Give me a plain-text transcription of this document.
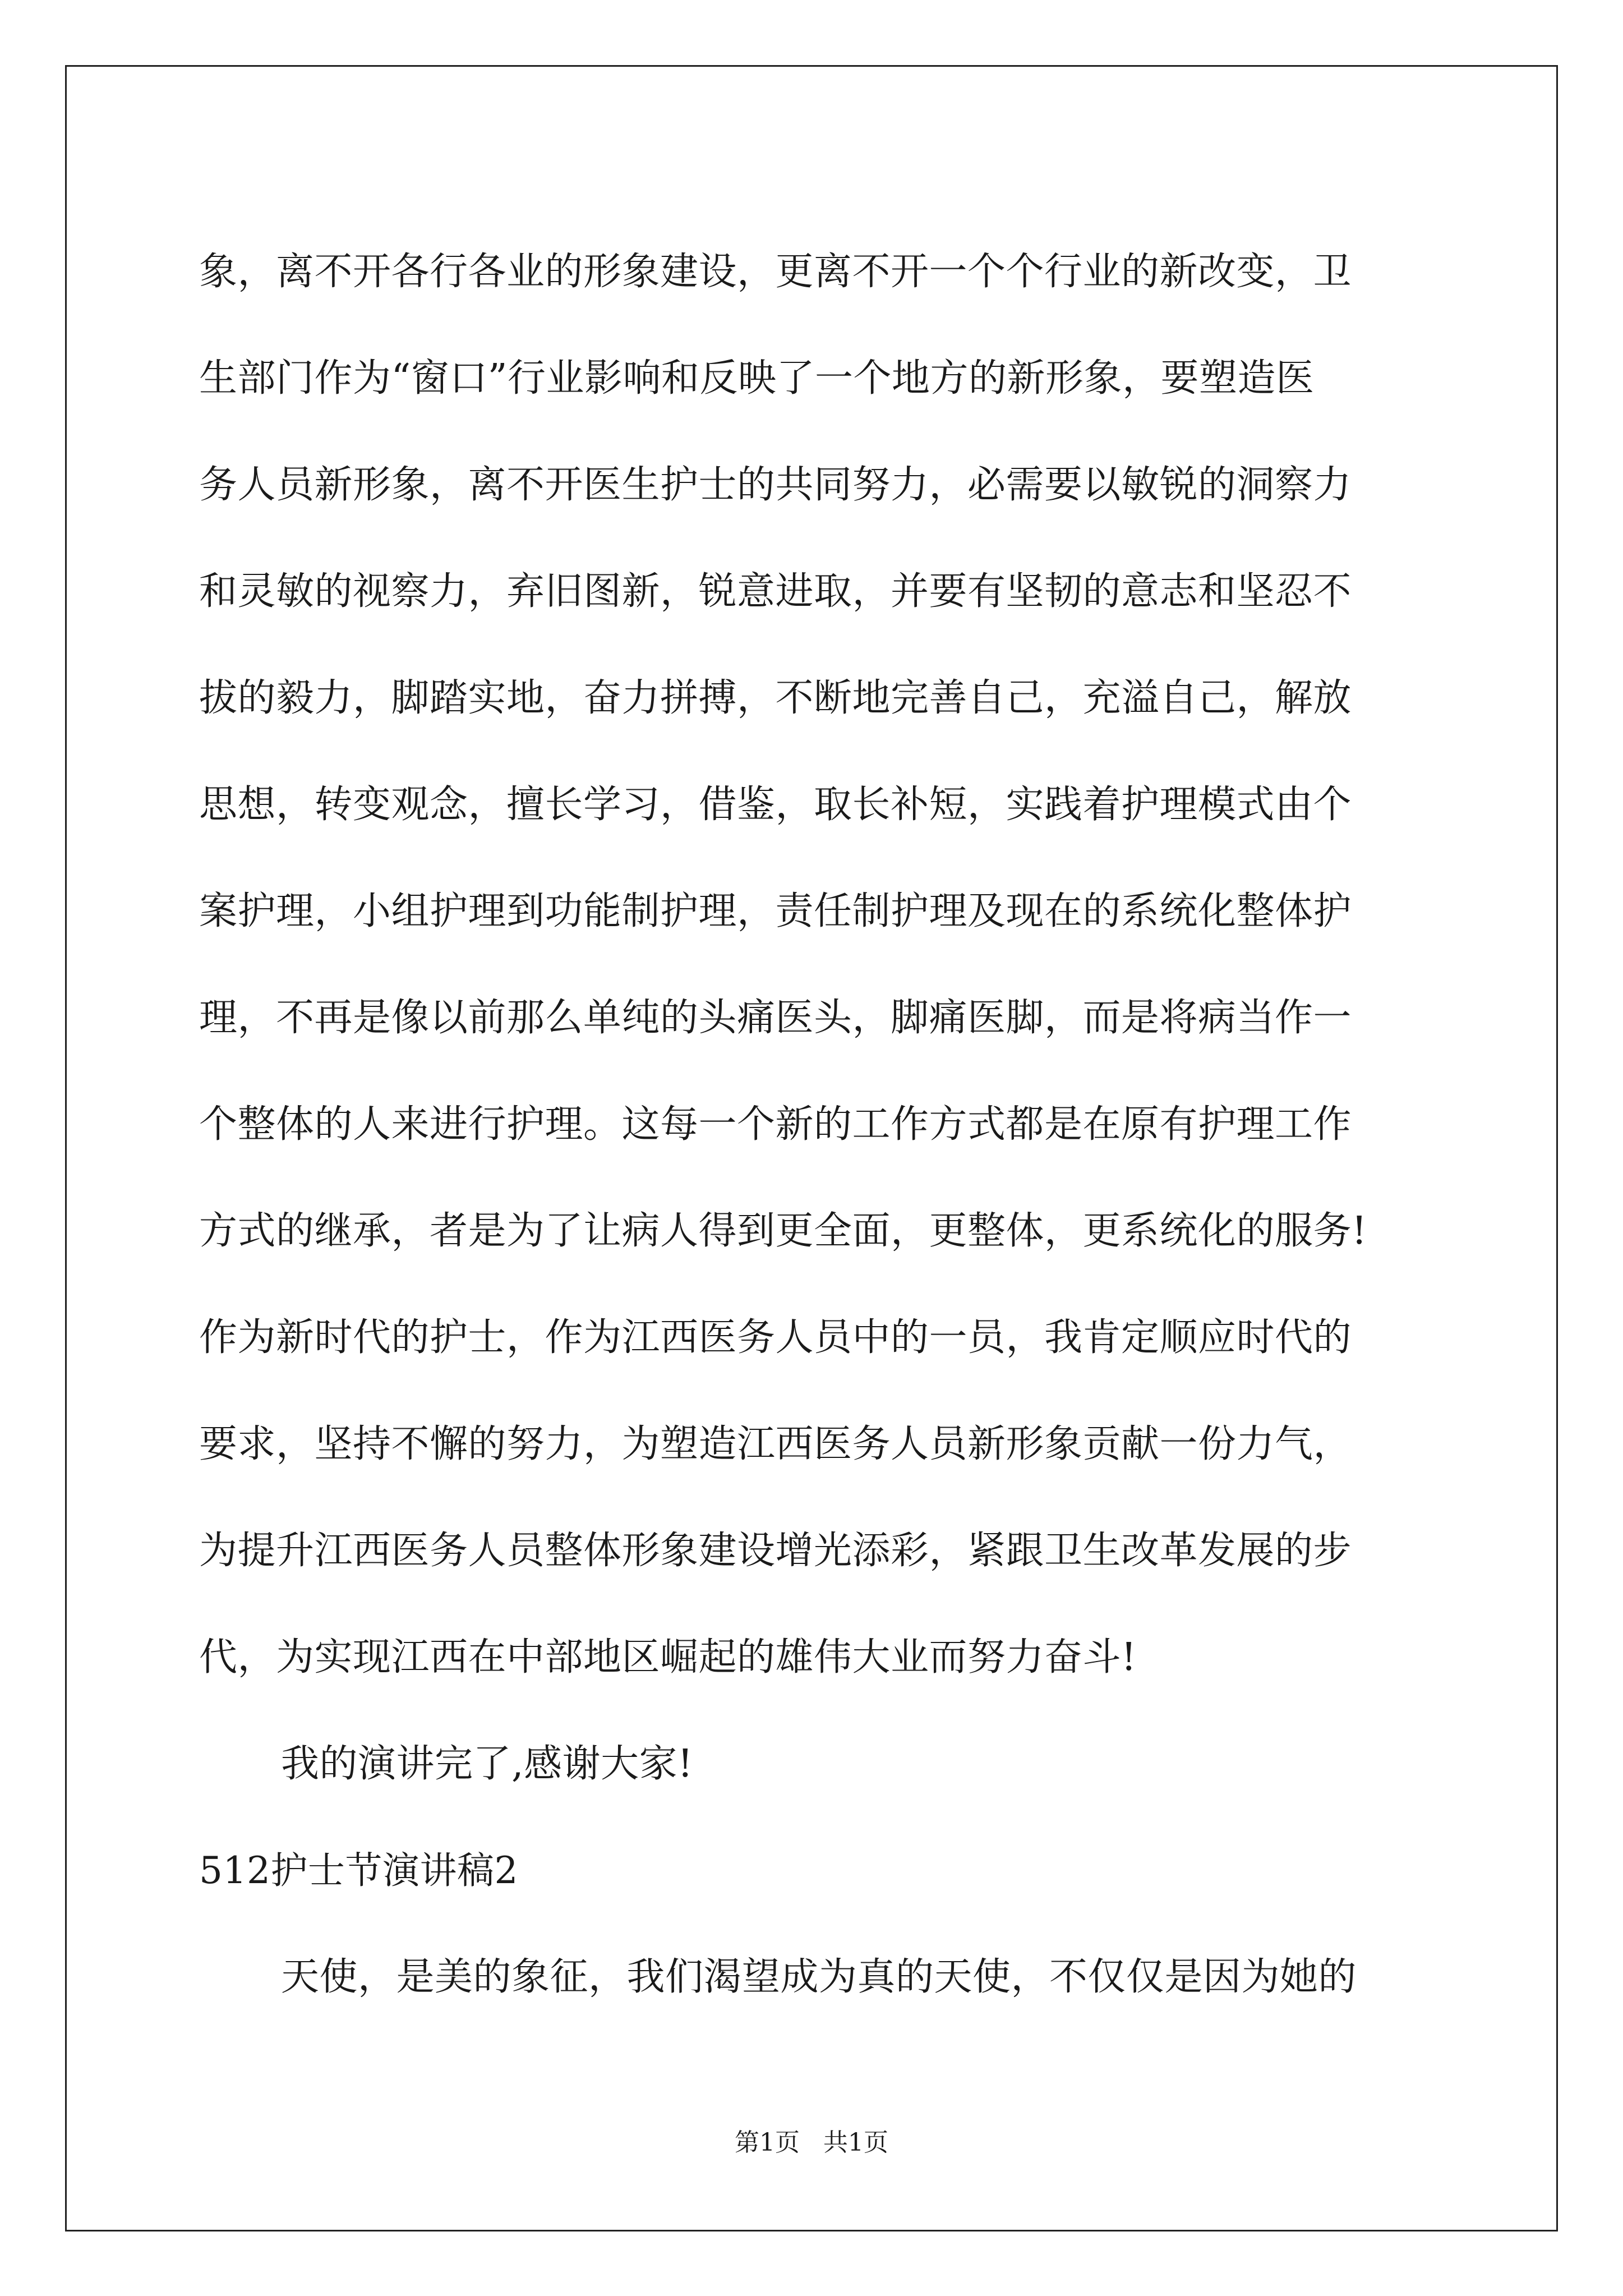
象，离不开各行各业的形象建设，更离不开一个个行业的新改变，卫
生部门作为“窗口”行业影响和反映了一个地方的新形象，要塑造医
务人员新形象，离不开医生护士的共同努力，必需要以敏锐的洞察力
和灵敏的视察力，弃旧图新，锐意进取，并要有坚韧的意志和坚忍不
拔的毅力，脚踏实地，奋力拼搏，不断地完善自己，充溢自己，解放
思想，转变观念，擅长学习，借鉴，取长补短，实践着护理模式由个
案护理，小组护理到功能制护理，责任制护理及现在的系统化整体护
理，不再是像以前那么单纯的头痛医头，脚痛医脚，而是将病当作一
个整体的人来进行护理。这每一个新的工作方式都是在原有护理工作
方式的继承，者是为了让病人得到更全面，更整体，更系统化的服务!
作为新时代的护士，作为江西医务人员中的一员，我肯定顺应时代的
要求，坚持不懈的努力，为塑造江西医务人员新形象贡献一份力气，
为提升江西医务人员整体形象建设增光添彩，紧跟卫生改革发展的步
代，为实现江西在中部地区崛起的雄伟大业而努力奋斗!
我的演讲完了,感谢大家!
512护士节演讲稿2
天使，是美的象征，我们渴望成为真的天使，不仅仅是因为她的
第1页   共1页
